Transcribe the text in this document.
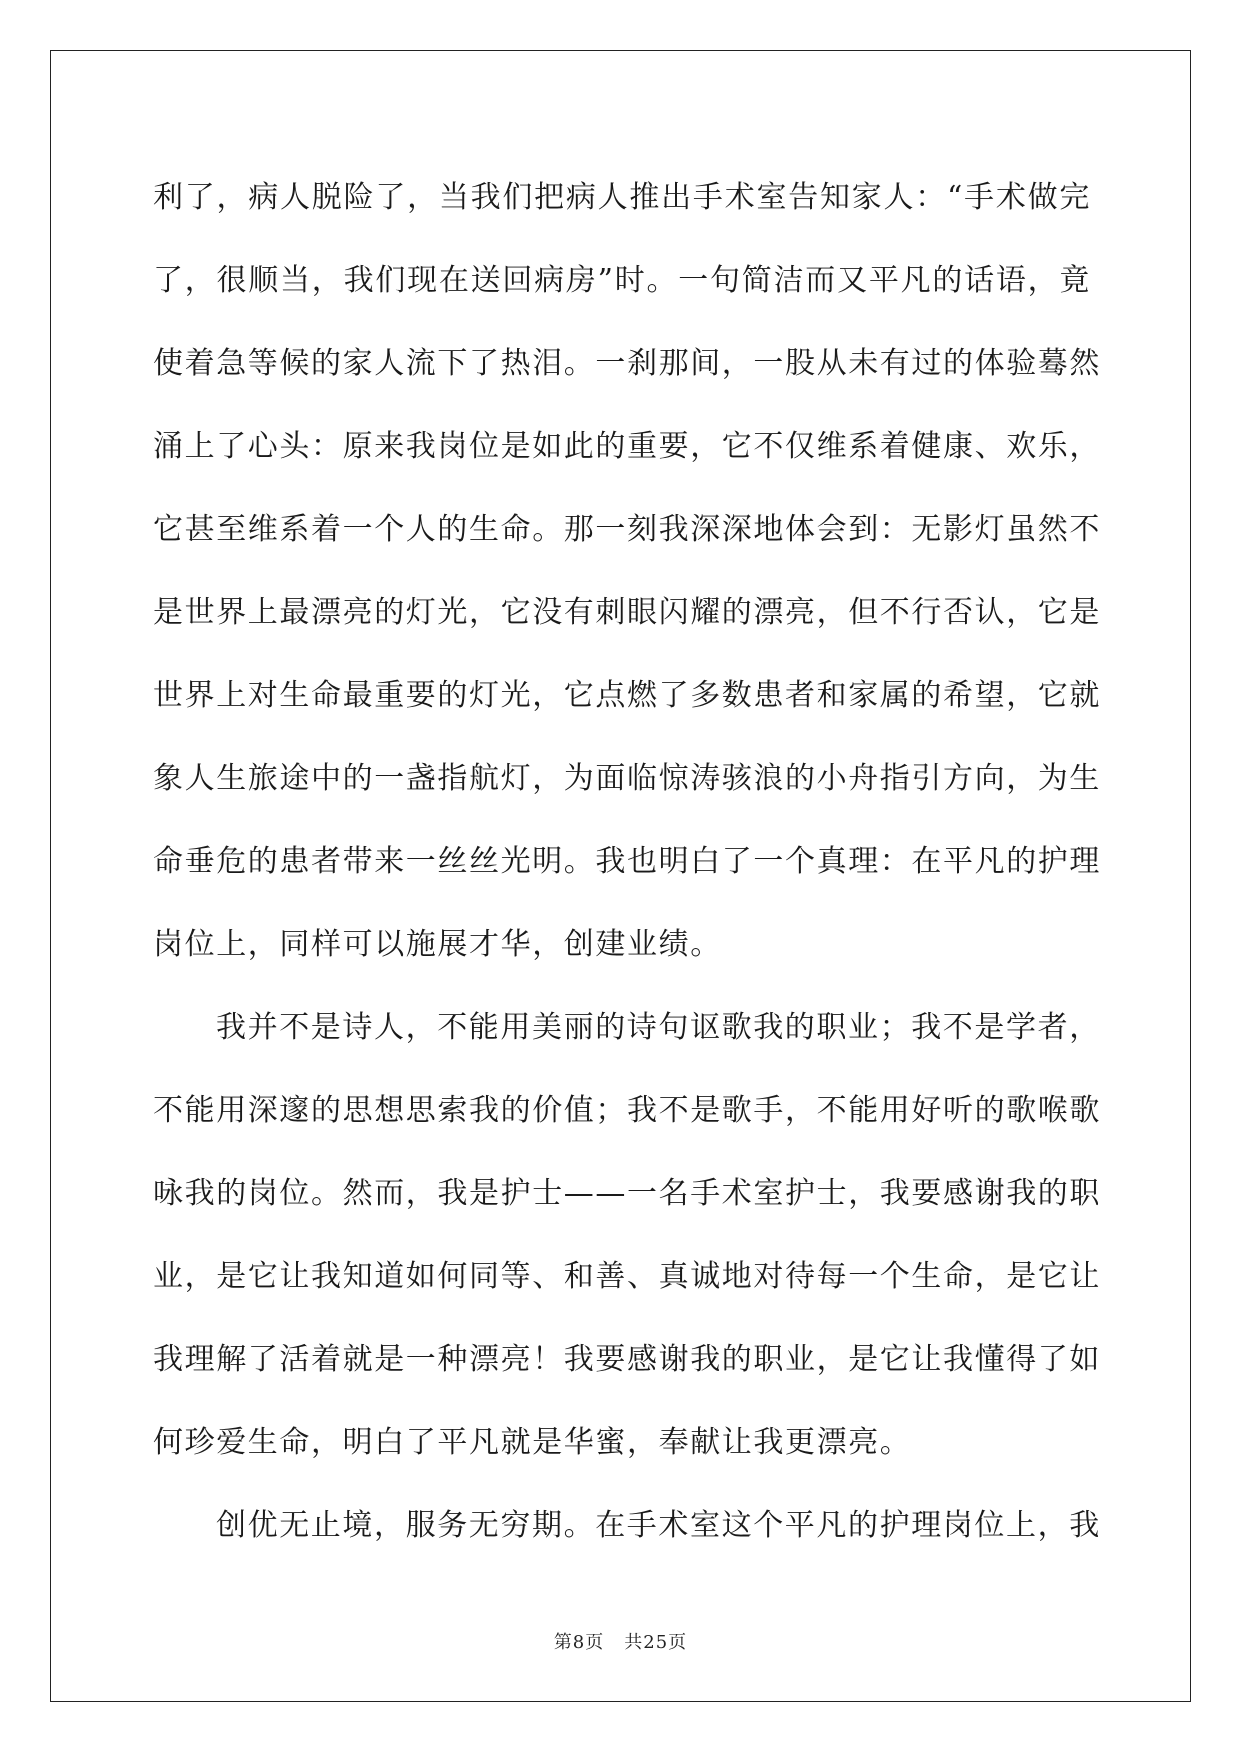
利了，病人脱险了，当我们把病人推出手术室告知家人：“手术做完
了，很顺当，我们现在送回病房”时。一句简洁而又平凡的话语，竟
使着急等候的家人流下了热泪。一刹那间，一股从未有过的体验蓦然
涌上了心头：原来我岗位是如此的重要，它不仅维系着健康、欢乐，
它甚至维系着一个人的生命。那一刻我深深地体会到：无影灯虽然不
是世界上最漂亮的灯光，它没有刺眼闪耀的漂亮，但不行否认，它是
世界上对生命最重要的灯光，它点燃了多数患者和家属的希望，它就
象人生旅途中的一盏指航灯，为面临惊涛骇浪的小舟指引方向，为生
命垂危的患者带来一丝丝光明。我也明白了一个真理：在平凡的护理
岗位上，同样可以施展才华，创建业绩。
我并不是诗人，不能用美丽的诗句讴歌我的职业；我不是学者，
不能用深邃的思想思索我的价值；我不是歌手，不能用好听的歌喉歌
咏我的岗位。然而，我是护士——一名手术室护士，我要感谢我的职
业，是它让我知道如何同等、和善、真诚地对待每一个生命，是它让
我理解了活着就是一种漂亮！我要感谢我的职业，是它让我懂得了如
何珍爱生命，明白了平凡就是华蜜，奉献让我更漂亮。
创优无止境，服务无穷期。在手术室这个平凡的护理岗位上，我
第8页 共25页
